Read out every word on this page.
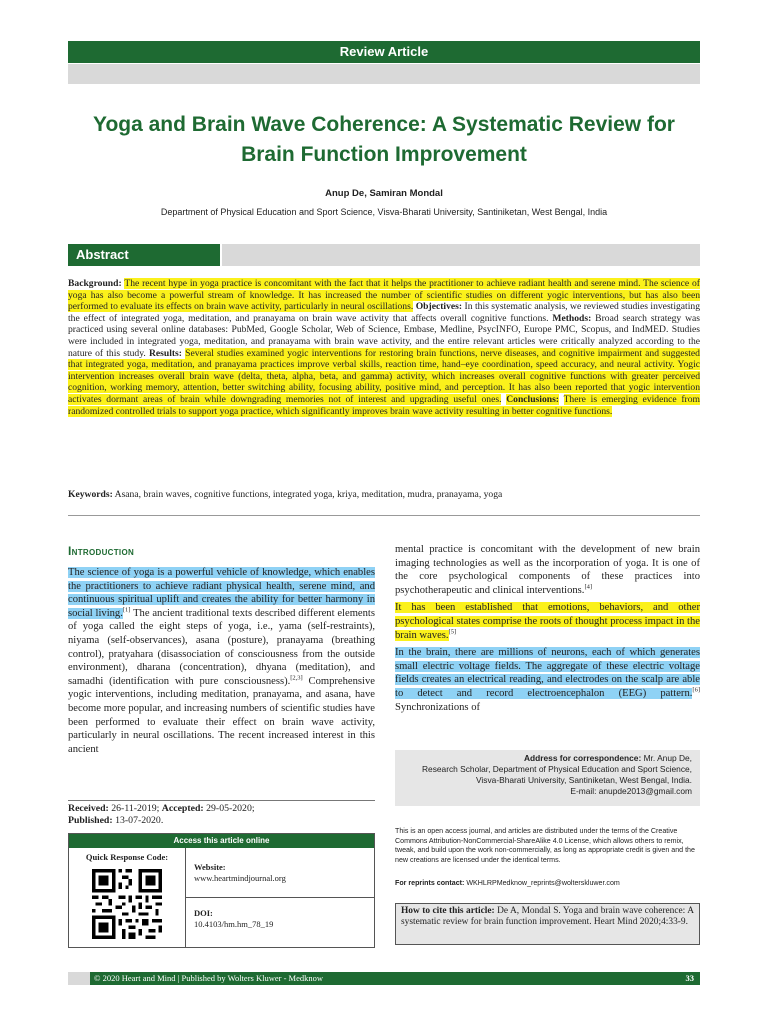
Review Article
Yoga and Brain Wave Coherence: A Systematic Review for Brain Function Improvement
Anup De, Samiran Mondal
Department of Physical Education and Sport Science, Visva-Bharati University, Santiniketan, West Bengal, India
Abstract
Background: The recent hype in yoga practice is concomitant with the fact that it helps the practitioner to achieve radiant health and serene mind. The science of yoga has also become a powerful stream of knowledge. It has increased the number of scientific studies on different yogic interventions, but has also been performed to evaluate its effects on brain wave activity, particularly in neural oscillations. Objectives: In this systematic analysis, we reviewed studies investigating the effect of integrated yoga, meditation, and pranayama on brain wave activity that affects overall cognitive functions. Methods: Broad search strategy was practiced using several online databases: PubMed, Google Scholar, Web of Science, Embase, Medline, PsycINFO, Europe PMC, Scopus, and IndMED. Studies were included in integrated yoga, meditation, and pranayama with brain wave activity, and the entire relevant articles were critically analyzed according to the nature of this study. Results: Several studies examined yogic interventions for restoring brain functions, nerve diseases, and cognitive impairment and suggested that integrated yoga, meditation, and pranayama practices improve verbal skills, reaction time, hand–eye coordination, speed accuracy, and neural activity. Yogic intervention increases overall brain wave (delta, theta, alpha, beta, and gamma) activity, which increases overall cognitive functions with greater perceived cognition, working memory, attention, better switching ability, focusing ability, positive mind, and perception. It has also been reported that yogic intervention activates dormant areas of brain while downgrading memories not of interest and upgrading useful ones. Conclusions: There is emerging evidence from randomized controlled trials to support yoga practice, which significantly improves brain wave activity resulting in better cognitive functions.
Keywords: Asana, brain waves, cognitive functions, integrated yoga, kriya, meditation, mudra, pranayama, yoga
Introduction
The science of yoga is a powerful vehicle of knowledge, which enables the practitioners to achieve radiant physical health, serene mind, and continuous spiritual uplift and creates the ability for better harmony in social living.[1] The ancient traditional texts described different elements of yoga called the eight steps of yoga, i.e., yama (self-restraints), niyama (self-observances), asana (posture), pranayama (breathing control), pratyahara (disassociation of consciousness from the outside environment), dharana (concentration), dhyana (meditation), and samadhi (identification with pure consciousness).[2,3] Comprehensive yogic interventions, including meditation, pranayama, and asana, have become more popular, and increasing numbers of scientific studies have been performed to evaluate their effect on brain wave activity, particularly in neural oscillations. The recent increased interest in this ancient

mental practice is concomitant with the development of new brain imaging technologies as well as the incorporation of yoga. It is one of the core psychological components of these practices into psychotherapeutic and clinical interventions.[4]

It has been established that emotions, behaviors, and other psychological states comprise the roots of thought process impact in the brain waves.[5]

In the brain, there are millions of neurons, each of which generates small electric voltage fields. The aggregate of these electric voltage fields creates an electrical reading, and electrodes on the scalp are able to detect and record electroencephalon (EEG) pattern.[6] Synchronizations of

Received: 26-11-2019; Accepted: 29-05-2020;
Published: 13-07-2020.
Access this article online
Quick Response Code:
Website:
www.heartmindjournal.org
DOI:
10.4103/hm.hm_78_19
Address for correspondence: Mr. Anup De,
Research Scholar, Department of Physical Education and Sport Science,
Visva-Bharati University, Santiniketan, West Bengal, India.
E-mail: anupde2013@gmail.com
This is an open access journal, and articles are distributed under the terms of the Creative Commons Attribution-NonCommercial-ShareAlike 4.0 License, which allows others to remix, tweak, and build upon the work non-commercially, as long as appropriate credit is given and the new creations are licensed under the identical terms.
For reprints contact: WKHLRPMedknow_reprints@wolterskluwer.com
How to cite this article: De A, Mondal S. Yoga and brain wave coherence: A systematic review for brain function improvement. Heart Mind 2020;4:33-9.
© 2020 Heart and Mind | Published by Wolters Kluwer - Medknow	33
